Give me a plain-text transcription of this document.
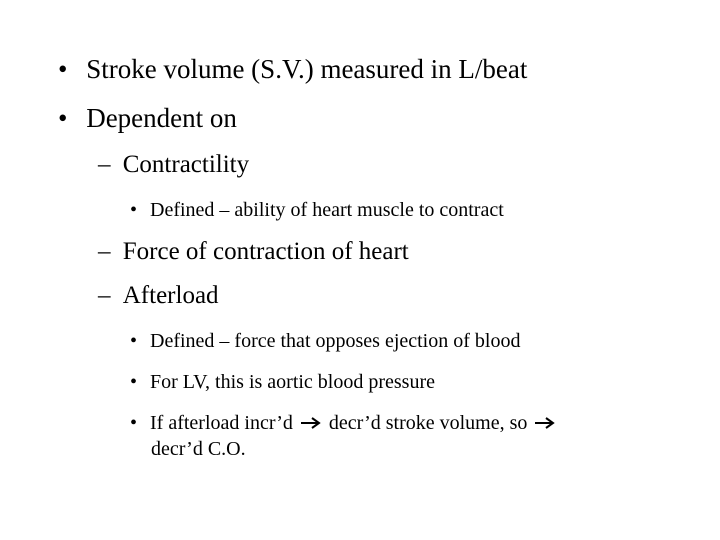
• Stroke volume (S.V.) measured in L/beat
• Dependent on
– Contractility
• Defined – ability of heart muscle to contract
– Force of contraction of heart
– Afterload
• Defined – force that opposes ejection of blood
• For LV, this is aortic blood pressure
• If afterload incr’d decr’d stroke volume, so
decr’d C.O.
